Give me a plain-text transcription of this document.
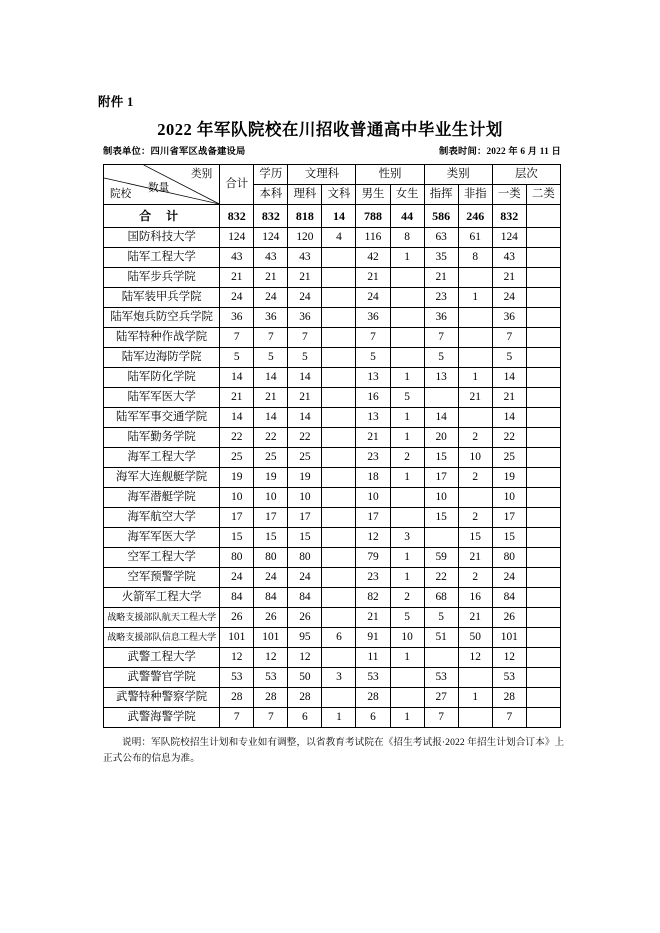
附件 1
2022 年军队院校在川招收普通高中毕业生计划
制表单位：四川省军区战备建设局	制表时间：2022 年 6 月 11 日
类别
数量
院校	合计	学历	文理科		性别		类别		层次	
		本科	理科	文科	男生	女生	指挥	非指	一类	二类
合 计	832	832	818	14	788	44	586	246	832	
国防科技大学	124	124	120	4	116	8	63	61	124	
陆军工程大学	43	43	43		42	1	35	8	43	
陆军步兵学院	21	21	21		21		21		21	
陆军装甲兵学院	24	24	24		24		23	1	24	
陆军炮兵防空兵学院	36	36	36		36		36		36	
陆军特种作战学院	7	7	7		7		7		7	
陆军边海防学院	5	5	5		5		5		5	
陆军防化学院	14	14	14		13	1	13	1	14	
陆军军医大学	21	21	21		16	5		21	21	
陆军军事交通学院	14	14	14		13	1	14		14	
陆军勤务学院	22	22	22		21	1	20	2	22	
海军工程大学	25	25	25		23	2	15	10	25	
海军大连舰艇学院	19	19	19		18	1	17	2	19	
海军潜艇学院	10	10	10		10		10		10	
海军航空大学	17	17	17		17		15	2	17	
海军军医大学	15	15	15		12	3		15	15	
空军工程大学	80	80	80		79	1	59	21	80	
空军预警学院	24	24	24		23	1	22	2	24	
火箭军工程大学	84	84	84		82	2	68	16	84	
战略支援部队航天工程大学	26	26	26		21	5	5	21	26	
战略支援部队信息工程大学	101	101	95	6	91	10	51	50	101	
武警工程大学	12	12	12		11	1		12	12	
武警警官学院	53	53	50	3	53		53		53	
武警特种警察学院	28	28	28		28		27	1	28	
武警海警学院	7	7	6	1	6	1	7		7	
说明：军队院校招生计划和专业如有调整，以省教育考试院在《招生考试报·2022 年招生计划合订本》上正式公布的信息为准。
